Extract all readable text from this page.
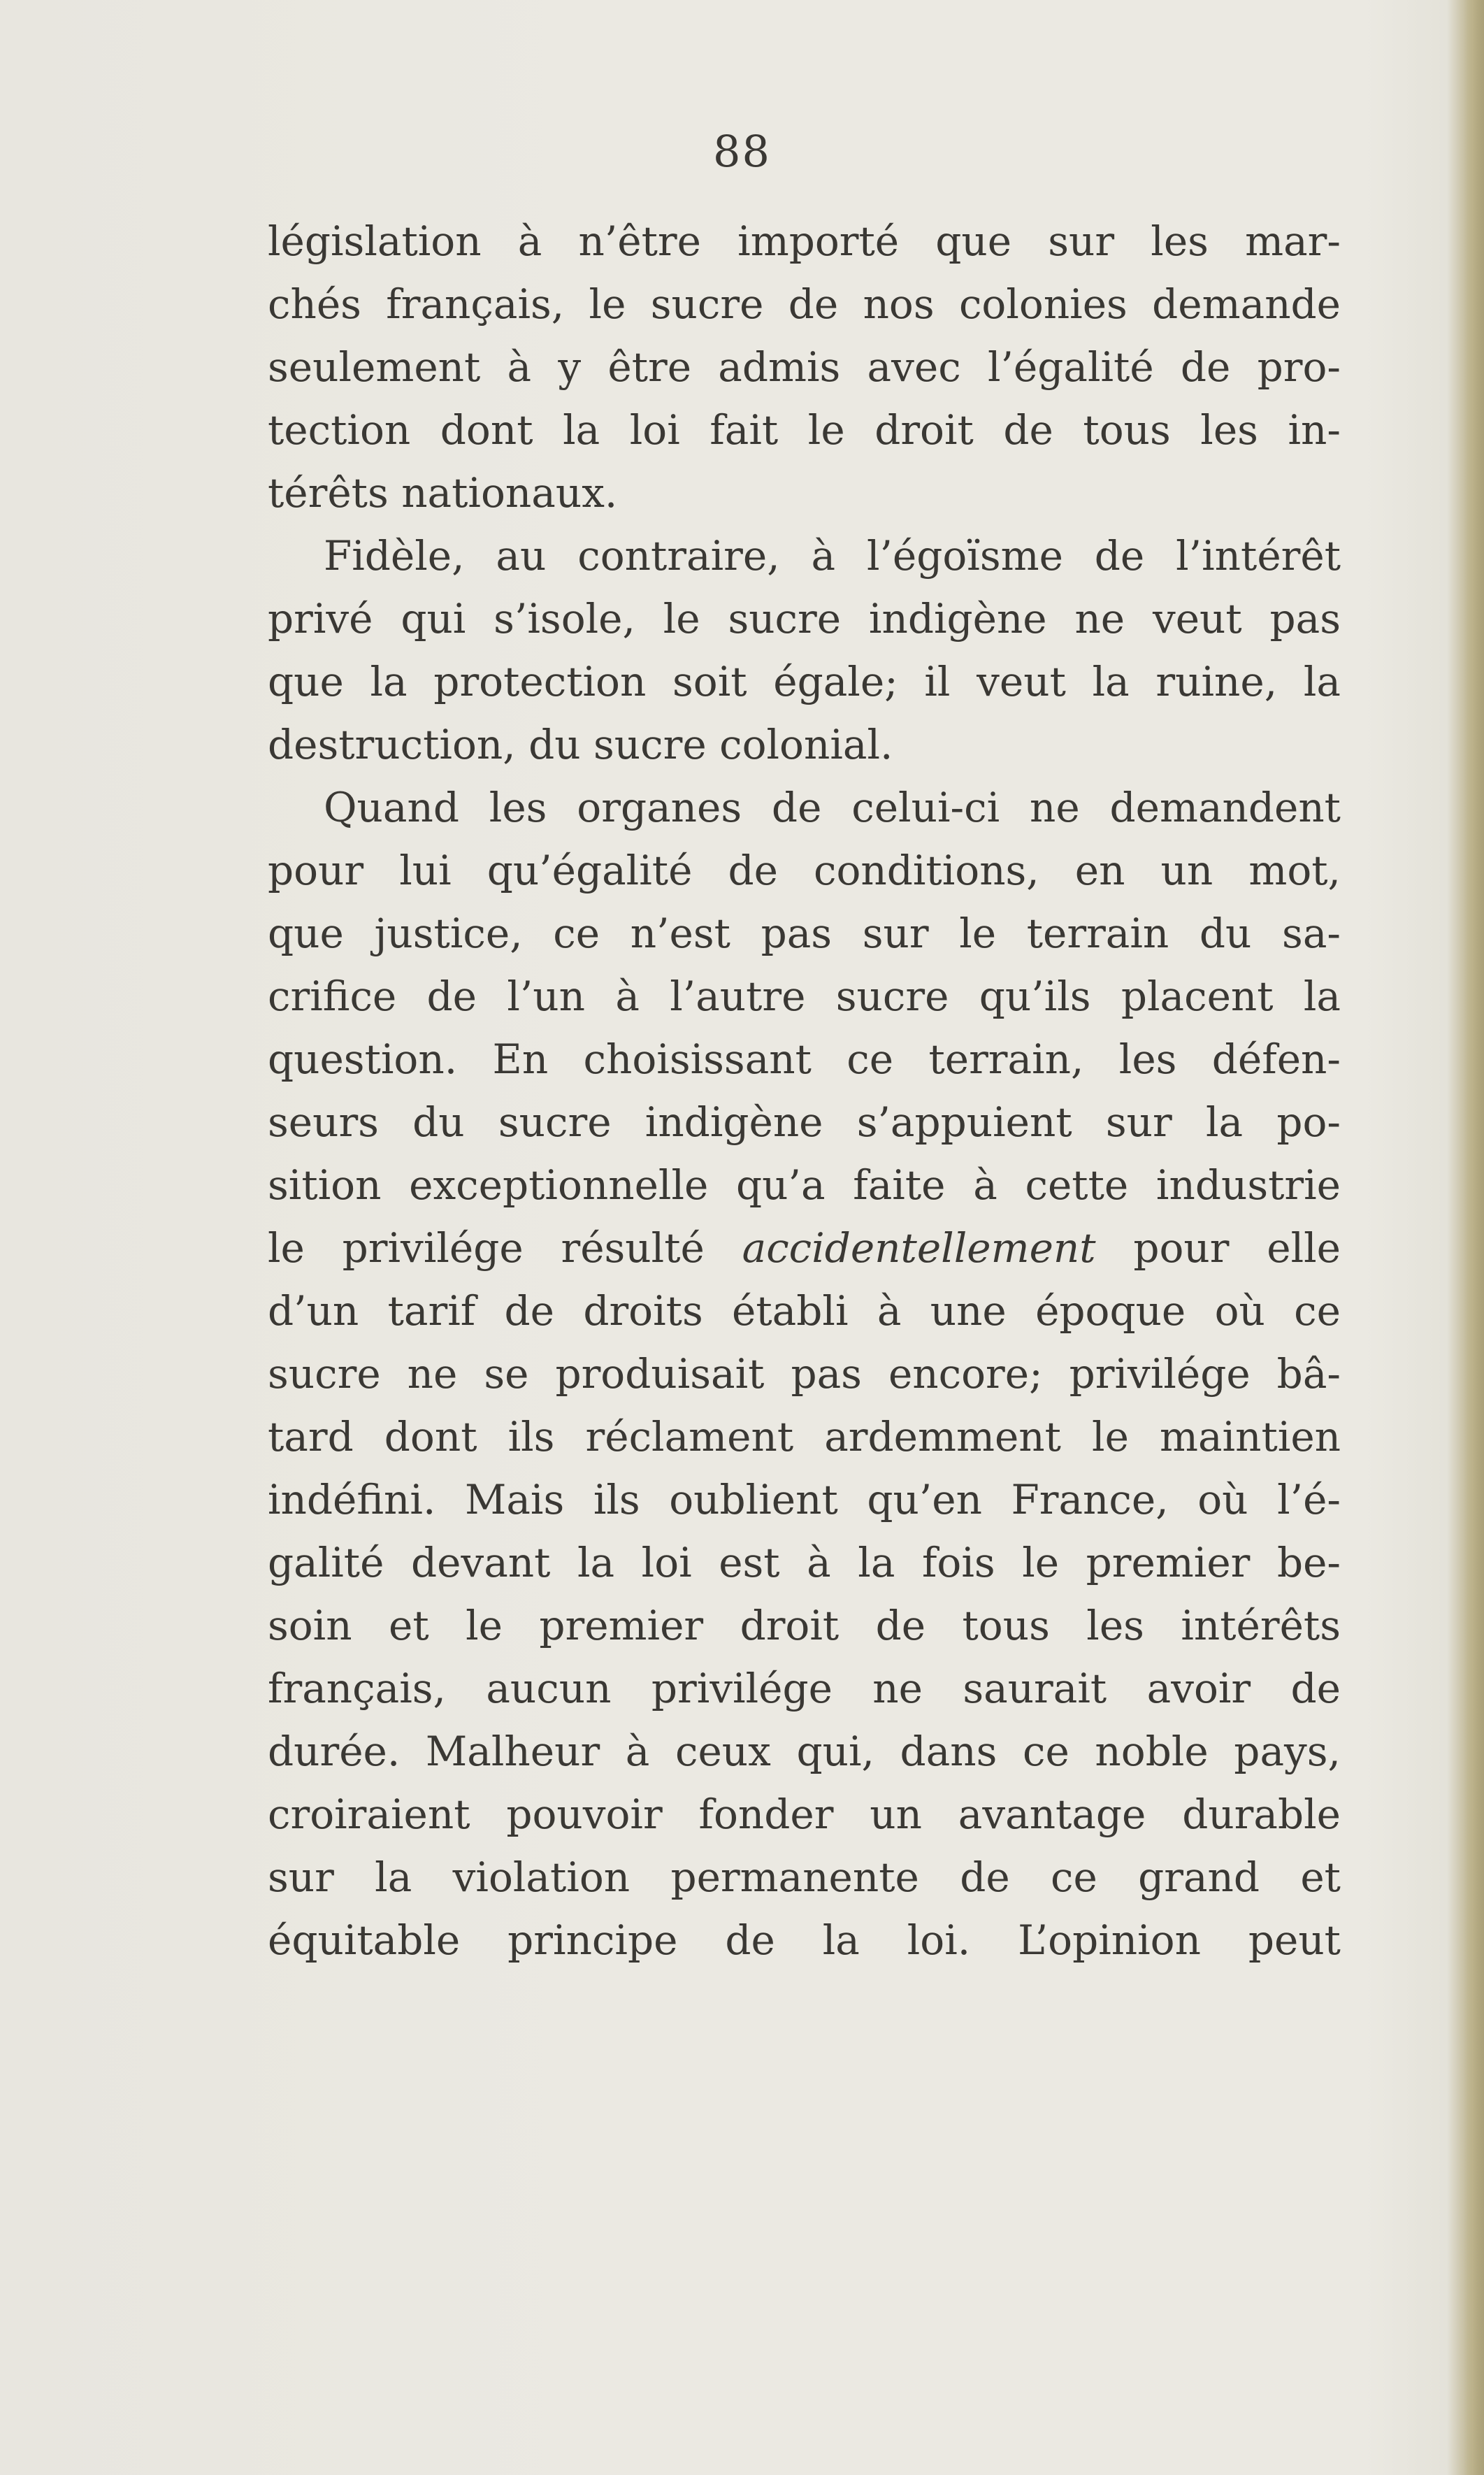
88
législation à n’être importé que sur les mar-
chés français, le sucre de nos colonies demande
seulement à y être admis avec l’égalité de pro-
tection dont la loi fait le droit de tous les in-
térêts nationaux.
Fidèle, au contraire, à l’égoïsme de l’intérêt
privé qui s’isole, le sucre indigène ne veut pas
que la protection soit égale; il veut la ruine, la
destruction, du sucre colonial.
Quand les organes de celui-ci ne demandent
pour lui qu’égalité de conditions, en un mot,
que justice, ce n’est pas sur le terrain du sa-
crifice de l’un à l’autre sucre qu’ils placent la
question. En choisissant ce terrain, les défen-
seurs du sucre indigène s’appuient sur la po-
sition exceptionnelle qu’a faite à cette industrie
le privilége résulté accidentellement pour elle
d’un tarif de droits établi à une époque où ce
sucre ne se produisait pas encore; privilége bâ-
tard dont ils réclament ardemment le maintien
indéfini. Mais ils oublient qu’en France, où l’é-
galité devant la loi est à la fois le premier be-
soin et le premier droit de tous les intérêts
français, aucun privilége ne saurait avoir de
durée. Malheur à ceux qui, dans ce noble pays,
croiraient pouvoir fonder un avantage durable
sur la violation permanente de ce grand et
équitable principe de la loi. L’opinion peut
